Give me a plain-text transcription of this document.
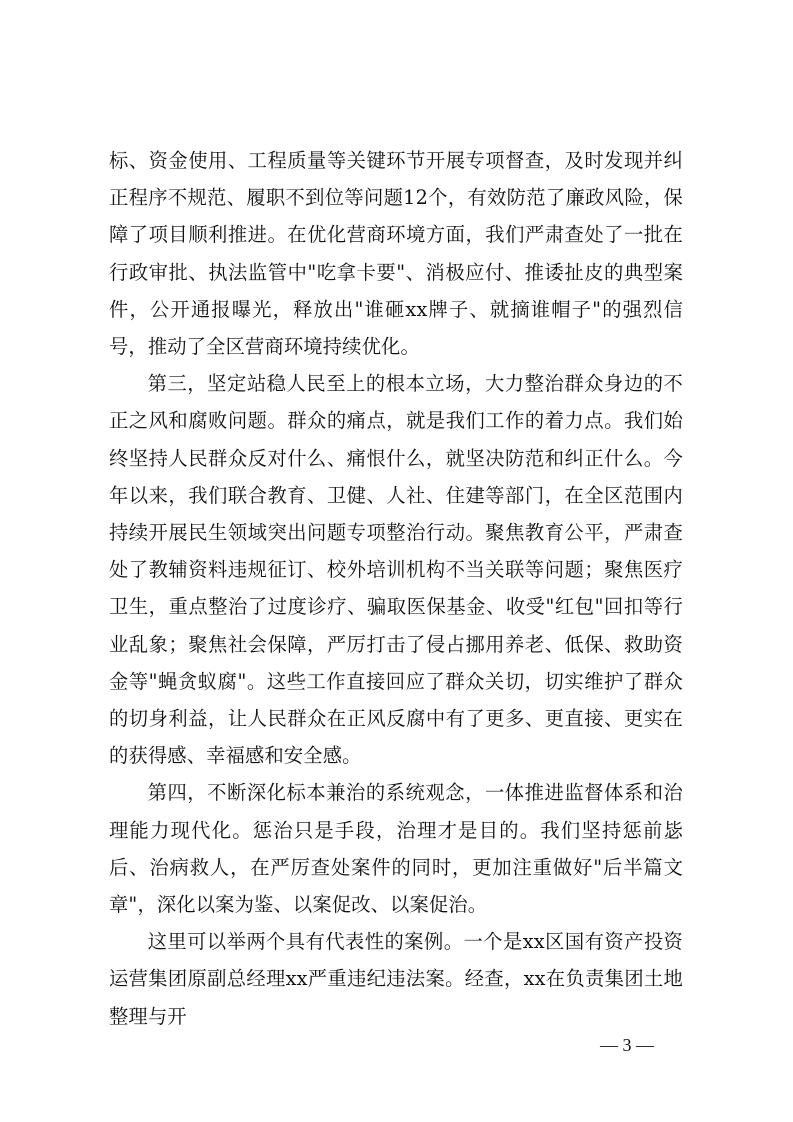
标、资金使用、工程质量等关键环节开展专项督查，及时发现并纠正程序不规范、履职不到位等问题12个，有效防范了廉政风险，保障了项目顺利推进。在优化营商环境方面，我们严肃查处了一批在行政审批、执法监管中"吃拿卡要"、消极应付、推诿扯皮的典型案件，公开通报曝光，释放出"谁砸xx牌子、就摘谁帽子"的强烈信号，推动了全区营商环境持续优化。

第三，坚定站稳人民至上的根本立场，大力整治群众身边的不正之风和腐败问题。群众的痛点，就是我们工作的着力点。我们始终坚持人民群众反对什么、痛恨什么，就坚决防范和纠正什么。今年以来，我们联合教育、卫健、人社、住建等部门，在全区范围内持续开展民生领域突出问题专项整治行动。聚焦教育公平，严肃查处了教辅资料违规征订、校外培训机构不当关联等问题；聚焦医疗卫生，重点整治了过度诊疗、骗取医保基金、收受"红包"回扣等行业乱象；聚焦社会保障，严厉打击了侵占挪用养老、低保、救助资金等"蝇贪蚁腐"。这些工作直接回应了群众关切，切实维护了群众的切身利益，让人民群众在正风反腐中有了更多、更直接、更实在的获得感、幸福感和安全感。

第四，不断深化标本兼治的系统观念，一体推进监督体系和治理能力现代化。惩治只是手段，治理才是目的。我们坚持惩前毖后、治病救人，在严厉查处案件的同时，更加注重做好"后半篇文章"，深化以案为鉴、以案促改、以案促治。

这里可以举两个具有代表性的案例。一个是xx区国有资产投资运营集团原副总经理xx严重违纪违法案。经查，xx在负责集团土地整理与开

— 3 —
